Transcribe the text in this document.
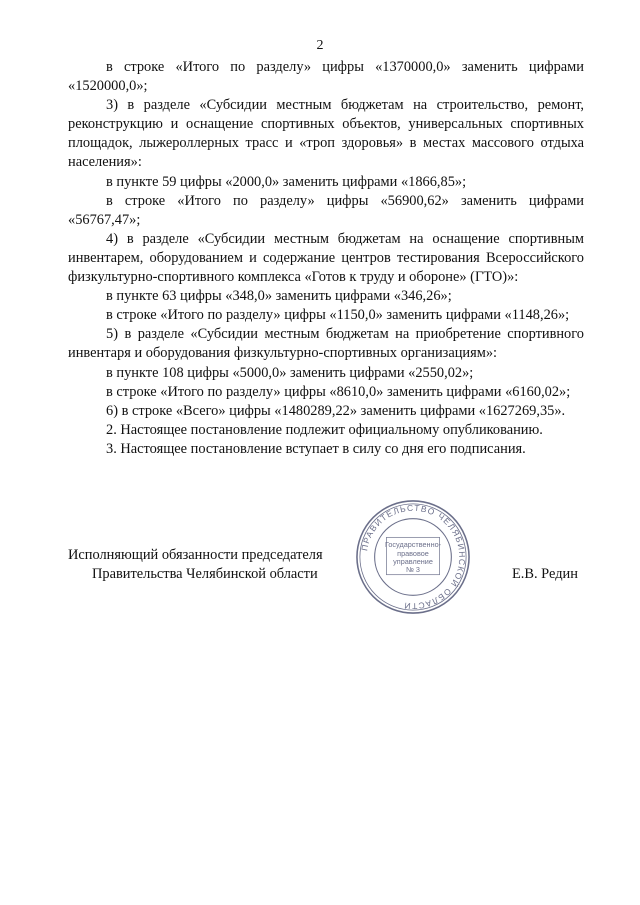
2

в строке «Итого по разделу» цифры «1370000,0» заменить цифрами «1520000,0»;

3) в разделе «Субсидии местным бюджетам на строительство, ремонт, реконструкцию и оснащение спортивных объектов, универсальных спортивных площадок, лыжероллерных трасс и «троп здоровья» в местах массового отдыха населения»:

в пункте 59 цифры «2000,0» заменить цифрами «1866,85»;

в строке «Итого по разделу» цифры «56900,62» заменить цифрами «56767,47»;

4) в разделе «Субсидии местным бюджетам на оснащение спортивным инвентарем, оборудованием и содержание центров тестирования Всероссийского физкультурно-спортивного комплекса «Готов к труду и обороне» (ГТО)»:

в пункте 63 цифры «348,0» заменить цифрами «346,26»;

в строке «Итого по разделу» цифры «1150,0» заменить цифрами «1148,26»;

5) в разделе «Субсидии местным бюджетам на приобретение спортивного инвентаря и оборудования физкультурно-спортивных организациям»:

в пункте 108 цифры «5000,0» заменить цифрами «2550,02»;

в строке «Итого по разделу» цифры «8610,0» заменить цифрами «6160,02»;

6) в строке «Всего» цифры «1480289,22» заменить цифрами «1627269,35».

2. Настоящее постановление подлежит официальному опубликованию.

3. Настоящее постановление вступает в силу со дня его подписания.

Исполняющий обязанности председателя
Правительства Челябинской области
ПРАВИТЕЛЬСТВО ЧЕЛЯБИНСКОЙ ОБЛАСТИ
Государственно-
правовое
управление
№ 3	Е.В. Редин
